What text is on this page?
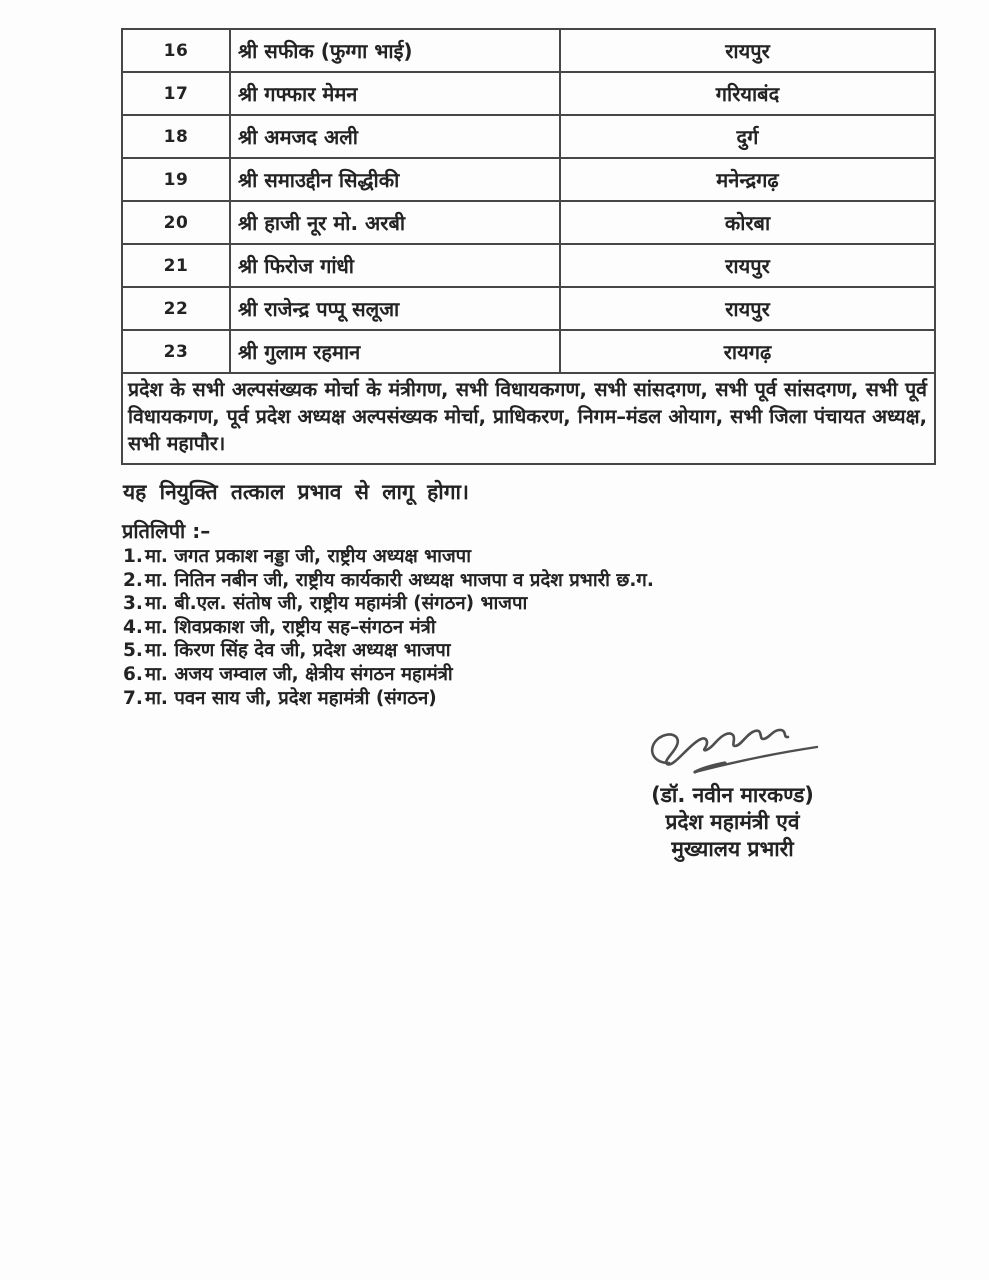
16	श्री सफीक (फुग्गा भाई)	रायपुर
17	श्री गफ्फार मेमन	गरियाबंद
18	श्री अमजद अली	दुर्ग
19	श्री समाउद्दीन सिद्धीकी	मनेन्द्रगढ़
20	श्री हाजी नूर मो. अरबी	कोरबा
21	श्री फिरोज गांधी	रायपुर
22	श्री राजेन्द्र पप्पू सलूजा	रायपुर
23	श्री गुलाम रहमान	रायगढ़
प्रदेश के सभी अल्पसंख्यक मोर्चा के मंत्रीगण, सभी विधायकगण, सभी सांसदगण, सभी पूर्व सांसदगण, सभी पूर्व विधायकगण, पूर्व प्रदेश अध्यक्ष अल्पसंख्यक मोर्चा, प्राधिकरण, निगम–मंडल ओयाग, सभी जिला पंचायत अध्यक्ष, सभी महापौर।		
यह नियुक्ति तत्काल प्रभाव से लागू होगा।
प्रतिलिपी :–
1. मा. जगत प्रकाश नड्डा जी, राष्ट्रीय अध्यक्ष भाजपा
2. मा. नितिन नबीन जी, राष्ट्रीय कार्यकारी अध्यक्ष भाजपा व प्रदेश प्रभारी छ.ग.
3. मा. बी.एल. संतोष जी, राष्ट्रीय महामंत्री (संगठन) भाजपा
4. मा. शिवप्रकाश जी, राष्ट्रीय सह–संगठन मंत्री
5. मा. किरण सिंह देव जी, प्रदेश अध्यक्ष भाजपा
6. मा. अजय जम्वाल जी, क्षेत्रीय संगठन महामंत्री
7. मा. पवन साय जी, प्रदेश महामंत्री (संगठन)
(डॉ. नवीन मारकण्ड)
प्रदेश महामंत्री एवं
मुख्यालय प्रभारी
